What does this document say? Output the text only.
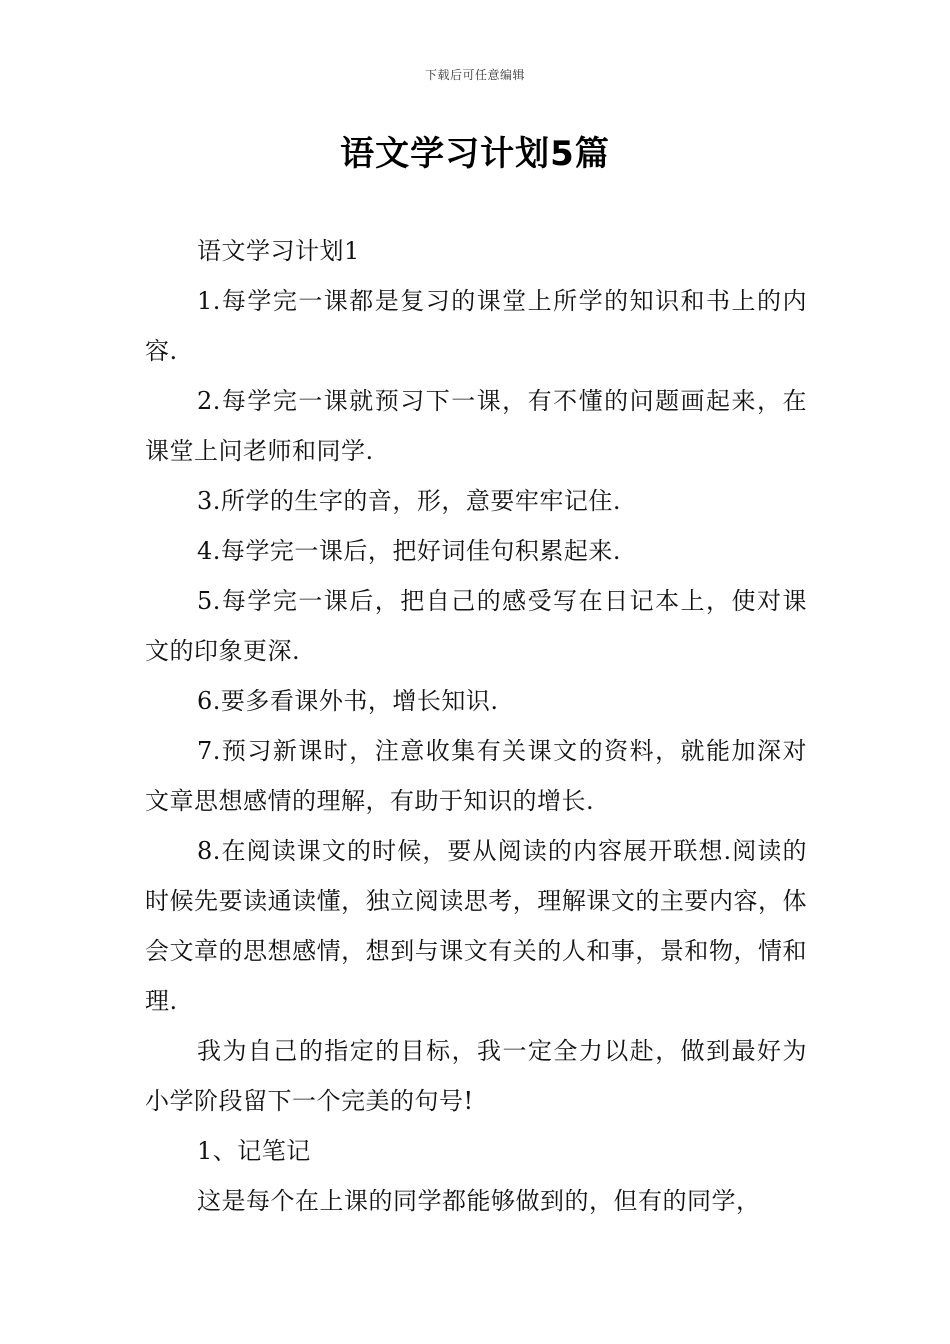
下载后可任意编辑
语文学习计划5篇

语文学习计划1

1.每学完一课都是复习的课堂上所学的知识和书上的内容.

2.每学完一课就预习下一课，有不懂的问题画起来，在课堂上问老师和同学.

3.所学的生字的音，形，意要牢牢记住.

4.每学完一课后，把好词佳句积累起来.

5.每学完一课后，把自己的感受写在日记本上，使对课文的印象更深.

6.要多看课外书，增长知识.

7.预习新课时，注意收集有关课文的资料，就能加深对文章思想感情的理解，有助于知识的增长.

8.在阅读课文的时候，要从阅读的内容展开联想.阅读的时候先要读通读懂，独立阅读思考，理解课文的主要内容，体会文章的思想感情，想到与课文有关的人和事，景和物，情和理.

我为自己的指定的目标，我一定全力以赴，做到最好为小学阶段留下一个完美的句号!

1、记笔记

这是每个在上课的同学都能够做到的，但有的同学，
